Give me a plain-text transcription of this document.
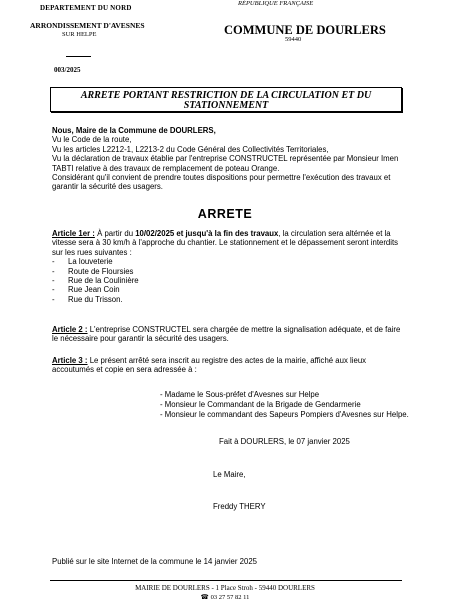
RÉPUBLIQUE FRANÇAISE
DEPARTEMENT DU NORD
ARRONDISSEMENT D'AVESNES
SUR HELPE	COMMUNE DE DOURLERS
59440
003/2025
ARRETE PORTANT RESTRICTION DE LA CIRCULATION ET DU STATIONNEMENT

Nous, Maire de la Commune de DOURLERS,

Vu le Code de la route,

Vu les articles L2212-1, L2213-2 du Code Général des Collectivités Territoriales,

Vu la déclaration de travaux établie par l'entreprise CONSTRUCTEL représentée par Monsieur Imen TABTI relative à des travaux de remplacement de poteau Orange.

Considérant qu'il convient de prendre toutes dispositions pour permettre l'exécution des travaux et garantir la sécurité des usagers.

ARRETE

Article 1er : À partir du 10/02/2025 et jusqu'à la fin des travaux, la circulation sera altérnée et la vitesse sera à 30 km/h à l'approche du chantier. Le stationnement et le dépassement seront interdits sur les rues suivantes :

- La louveterie
- Route de Floursies
- Rue de la Coulinière
- Rue Jean Coin
- Rue du Trisson.
Article 2 : L'entreprise CONSTRUCTEL sera chargée de mettre la signalisation adéquate, et de faire le nécessaire pour garantir la sécurité des usagers.

Article 3 : Le présent arrêté sera inscrit au registre des actes de la mairie, affiché aux lieux accoutumés et copie en sera adressée à :

- Madame le Sous-préfet d'Avesnes sur Helpe
- Monsieur le Commandant de la Brigade de Gendarmerie
- Monsieur le commandant des Sapeurs Pompiers d'Avesnes sur Helpe.
Fait à DOURLERS, le 07 janvier 2025
Le Maire,
Freddy THERY
Publié sur le site Internet de la commune le 14 janvier 2025
MAIRIE DE DOURLERS - 1 Place Stroh - 59440 DOURLERS
☎ 03 27 57 82 11
